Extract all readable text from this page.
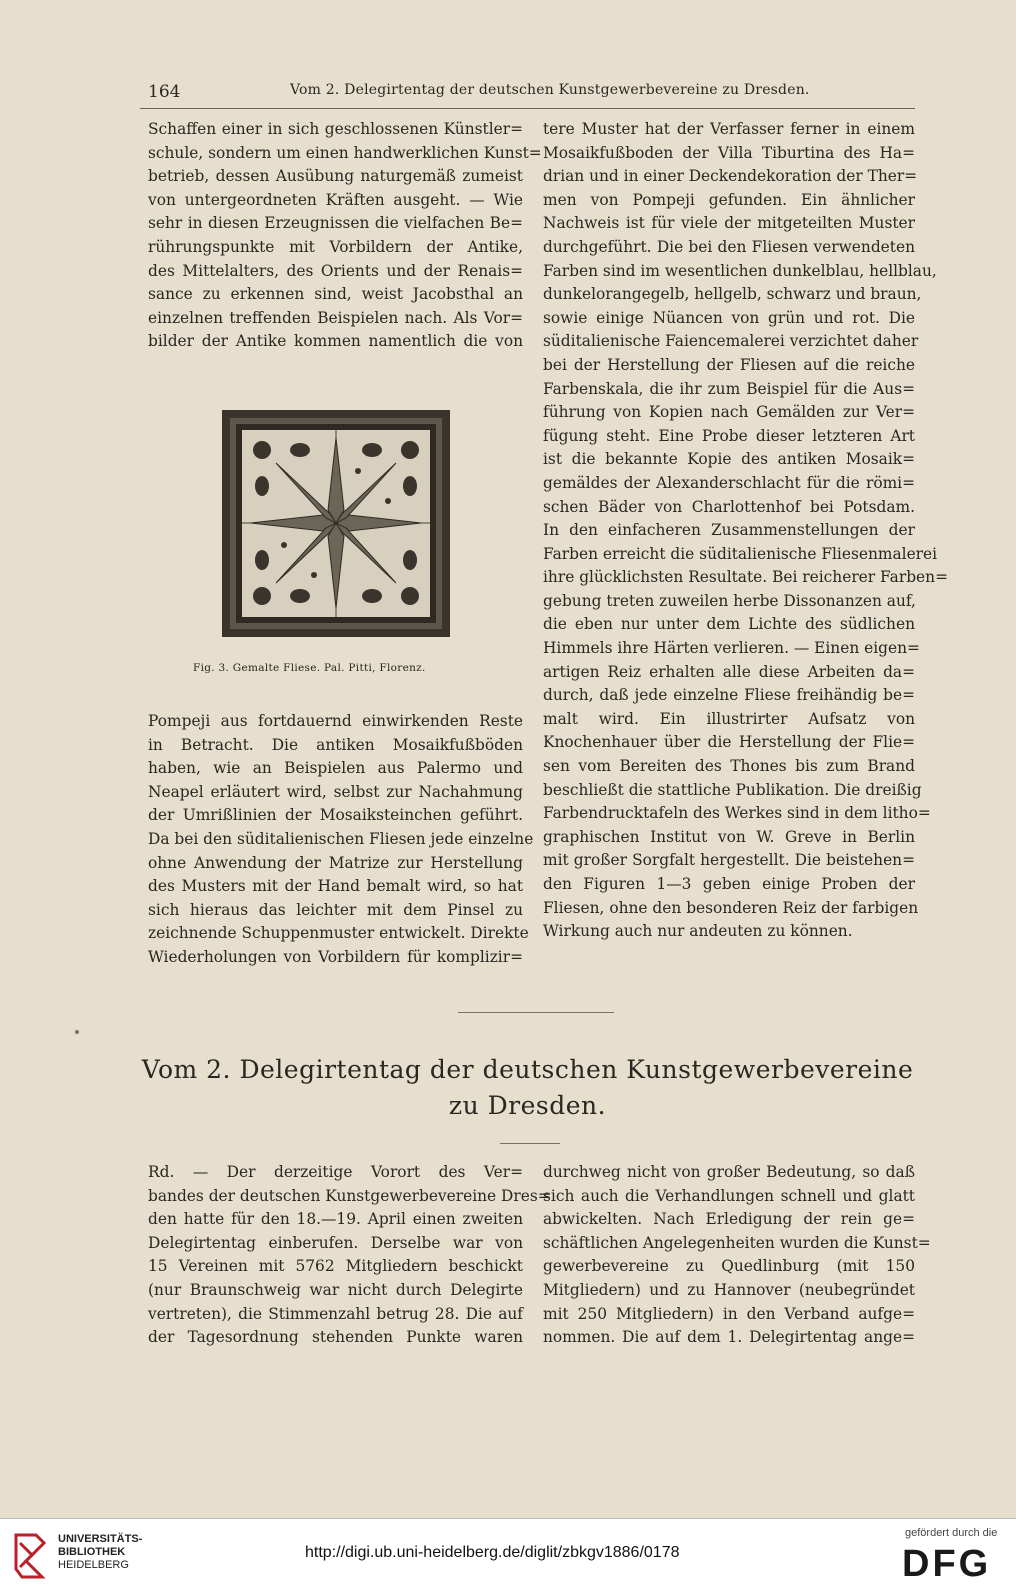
164	Vom 2. Delegirtentag der deutschen Kunstgewerbevereine zu Dresden.
Schaffen einer in sich geschlossenen Künstler=
schule, sondern um einen handwerklichen Kunst=
betrieb, dessen Ausübung naturgemäß zumeist
von untergeordneten Kräften ausgeht. — Wie
sehr in diesen Erzeugnissen die vielfachen Be=
rührungspunkte mit Vorbildern der Antike,
des Mittelalters, des Orients und der Renais=
sance zu erkennen sind, weist Jacobsthal an
einzelnen treffenden Beispielen nach. Als Vor=
bilder der Antike kommen namentlich die von
Fig. 3. Gemalte Fliese. Pal. Pitti, Florenz.
Pompeji aus fortdauernd einwirkenden Reste
in Betracht. Die antiken Mosaikfußböden
haben, wie an Beispielen aus Palermo und
Neapel erläutert wird, selbst zur Nachahmung
der Umrißlinien der Mosaiksteinchen geführt.
Da bei den süditalienischen Fliesen jede einzelne
ohne Anwendung der Matrize zur Herstellung
des Musters mit der Hand bemalt wird, so hat
sich hieraus das leichter mit dem Pinsel zu
zeichnende Schuppenmuster entwickelt. Direkte
Wiederholungen von Vorbildern für komplizir=
tere Muster hat der Verfasser ferner in einem
Mosaikfußboden der Villa Tiburtina des Ha=
drian und in einer Deckendekoration der Ther=
men von Pompeji gefunden. Ein ähnlicher
Nachweis ist für viele der mitgeteilten Muster
durchgeführt. Die bei den Fliesen verwendeten
Farben sind im wesentlichen dunkelblau, hellblau,
dunkelorangegelb, hellgelb, schwarz und braun,
sowie einige Nüancen von grün und rot. Die
süditalienische Faiencemalerei verzichtet daher
bei der Herstellung der Fliesen auf die reiche
Farbenskala, die ihr zum Beispiel für die Aus=
führung von Kopien nach Gemälden zur Ver=
fügung steht. Eine Probe dieser letzteren Art
ist die bekannte Kopie des antiken Mosaik=
gemäldes der Alexanderschlacht für die römi=
schen Bäder von Charlottenhof bei Potsdam.
In den einfacheren Zusammenstellungen der
Farben erreicht die süditalienische Fliesenmalerei
ihre glücklichsten Resultate. Bei reicherer Farben=
gebung treten zuweilen herbe Dissonanzen auf,
die eben nur unter dem Lichte des südlichen
Himmels ihre Härten verlieren. — Einen eigen=
artigen Reiz erhalten alle diese Arbeiten da=
durch, daß jede einzelne Fliese freihändig be=
malt wird. Ein illustrirter Aufsatz von
Knochenhauer über die Herstellung der Flie=
sen vom Bereiten des Thones bis zum Brand
beschließt die stattliche Publikation. Die dreißig
Farbendrucktafeln des Werkes sind in dem litho=
graphischen Institut von W. Greve in Berlin
mit großer Sorgfalt hergestellt. Die beistehen=
den Figuren 1—3 geben einige Proben der
Fliesen, ohne den besonderen Reiz der farbigen
Wirkung auch nur andeuten zu können.
Vom 2. Delegirtentag der deutschen Kunstgewerbevereine
zu Dresden.
Rd. — Der derzeitige Vorort des Ver=
bandes der deutschen Kunstgewerbevereine Dres=
den hatte für den 18.—19. April einen zweiten
Delegirtentag einberufen. Derselbe war von
15 Vereinen mit 5762 Mitgliedern beschickt
(nur Braunschweig war nicht durch Delegirte
vertreten), die Stimmenzahl betrug 28. Die auf
der Tagesordnung stehenden Punkte waren
durchweg nicht von großer Bedeutung, so daß
sich auch die Verhandlungen schnell und glatt
abwickelten. Nach Erledigung der rein ge=
schäftlichen Angelegenheiten wurden die Kunst=
gewerbevereine zu Quedlinburg (mit 150
Mitgliedern) und zu Hannover (neubegründet
mit 250 Mitgliedern) in den Verband aufge=
nommen. Die auf dem 1. Delegirtentag ange=
UNIVERSITÄTS-
BIBLIOTHEK
HEIDELBERG
http://digi.ub.uni-heidelberg.de/diglit/zbkgv1886/0178
gefördert durch die
DFG
